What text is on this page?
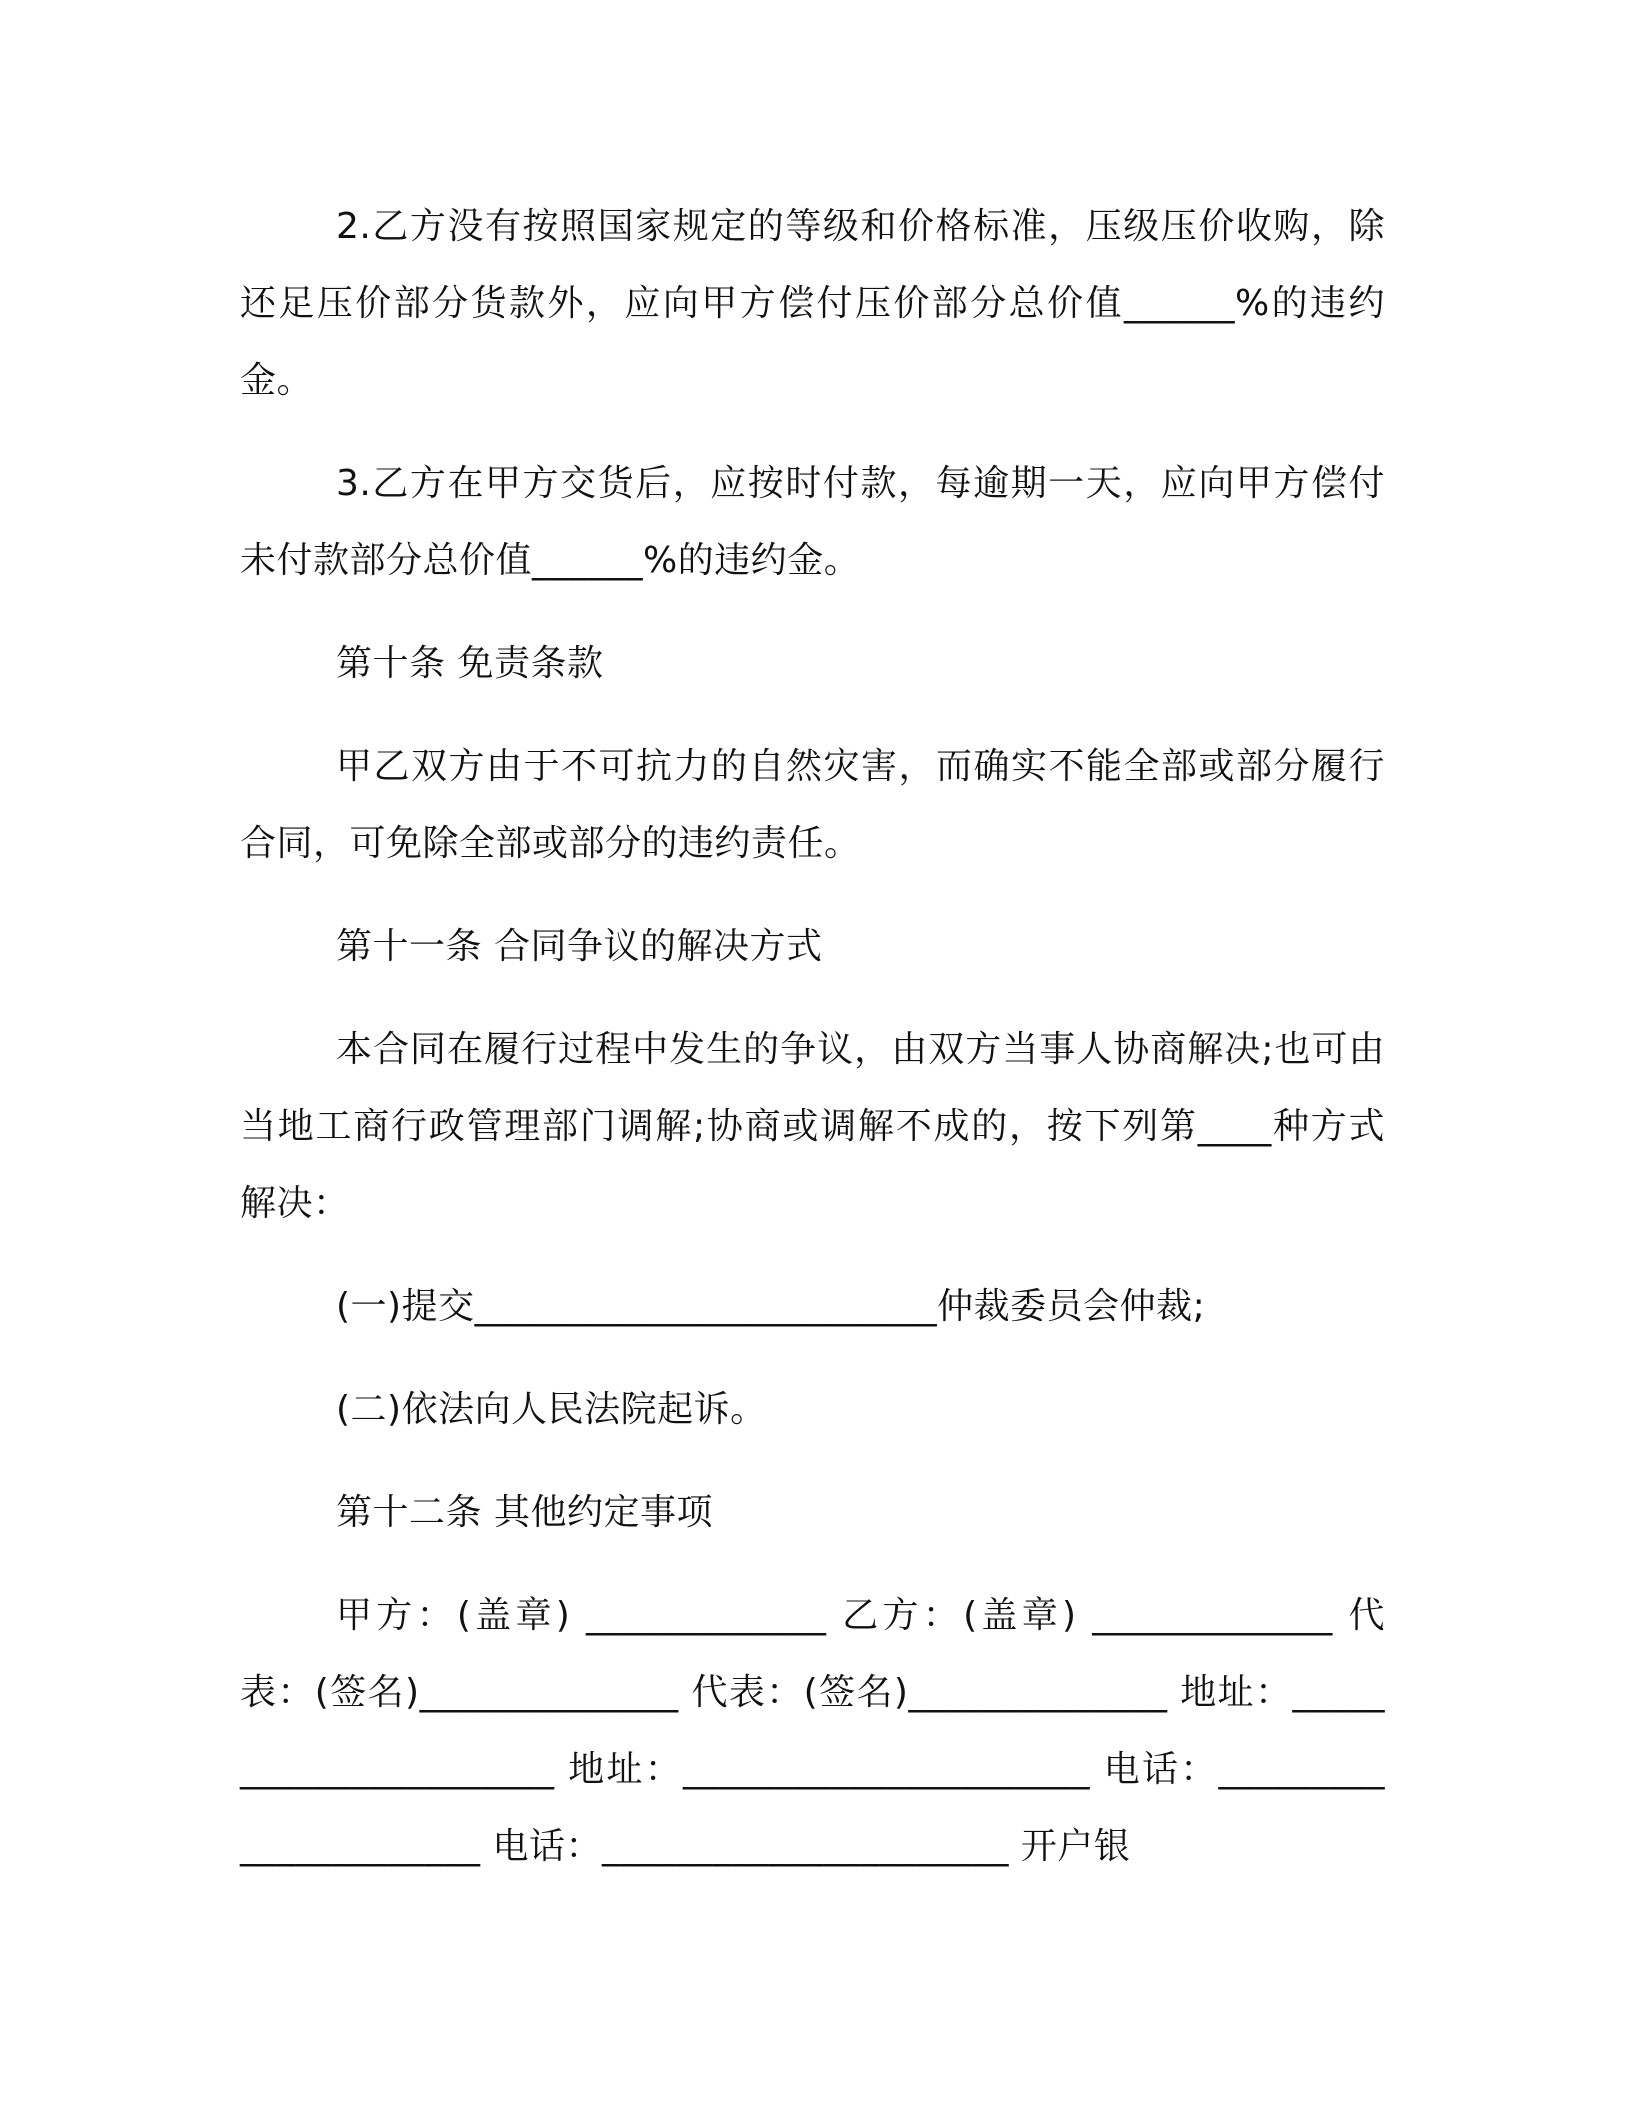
2.乙方没有按照国家规定的等级和价格标准，压级压价收购，除还足压价部分货款外，应向甲方偿付压价部分总价值______%的违约金。

3.乙方在甲方交货后，应按时付款，每逾期一天，应向甲方偿付未付款部分总价值______%的违约金。

第十条 免责条款

甲乙双方由于不可抗力的自然灾害，而确实不能全部或部分履行合同，可免除全部或部分的违约责任。

第十一条 合同争议的解决方式

本合同在履行过程中发生的争议，由双方当事人协商解决;也可由当地工商行政管理部门调解;协商或调解不成的，按下列第____种方式解决：

(一)提交_________________________仲裁委员会仲裁;

(二)依法向人民法院起诉。

第十二条 其他约定事项

甲方：(盖章) _____________ 乙方：(盖章) _____________ 代表：(签名)______________ 代表：(签名)______________ 地址：______________________ 地址：______________________ 电话：______________________ 电话：______________________ 开户银
